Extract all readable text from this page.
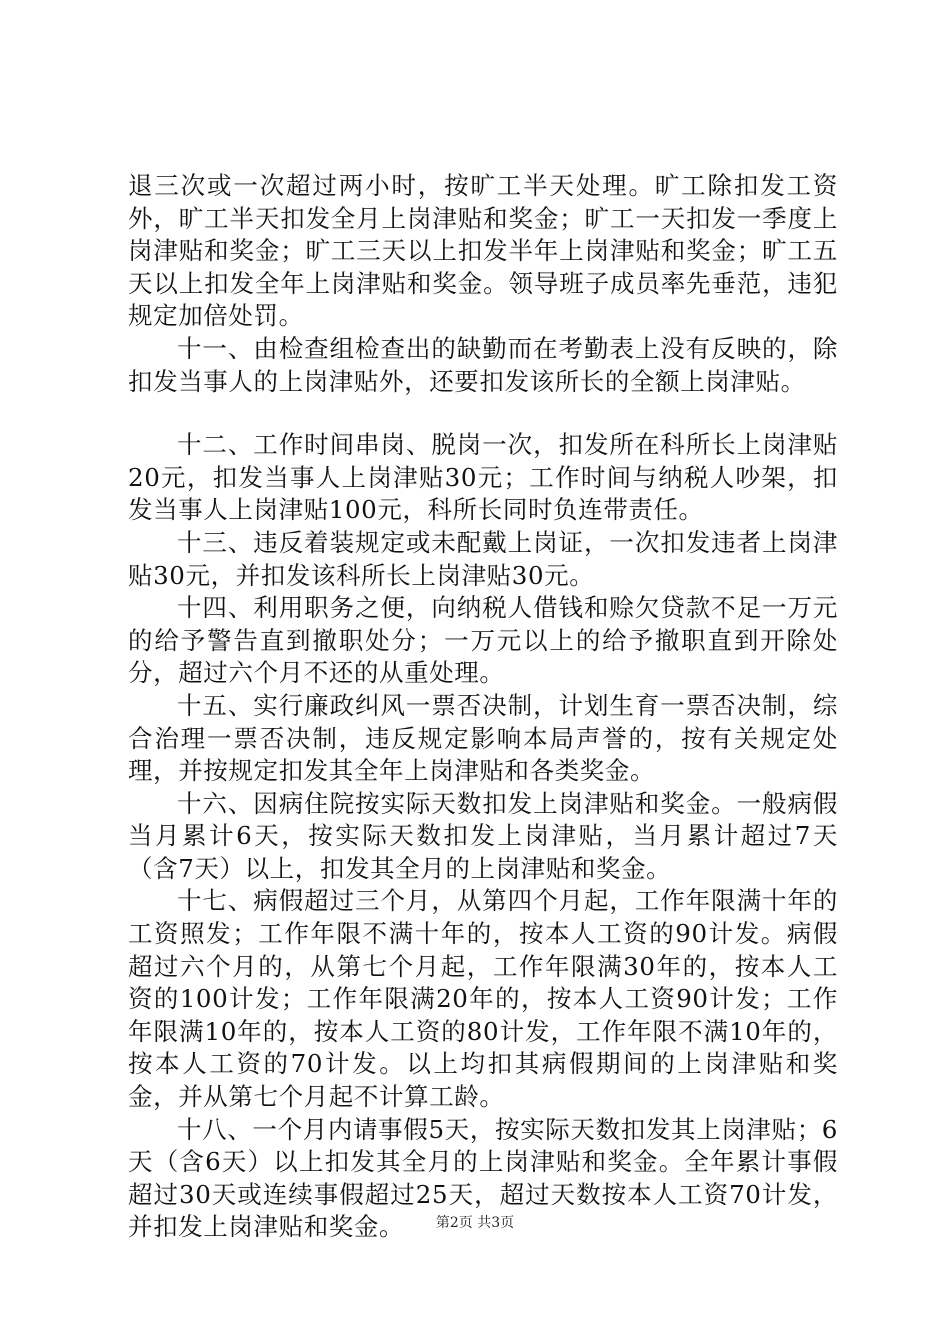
退三次或一次超过两小时，按旷工半天处理。旷工除扣发工资外，旷工半天扣发全月上岗津贴和奖金；旷工一天扣发一季度上岗津贴和奖金；旷工三天以上扣发半年上岗津贴和奖金；旷工五天以上扣发全年上岗津贴和奖金。领导班子成员率先垂范，违犯规定加倍处罚。

十一、由检查组检查出的缺勤而在考勤表上没有反映的，除扣发当事人的上岗津贴外，还要扣发该所长的全额上岗津贴。

十二、工作时间串岗、脱岗一次，扣发所在科所长上岗津贴20元，扣发当事人上岗津贴30元；工作时间与纳税人吵架，扣发当事人上岗津贴100元，科所长同时负连带责任。

十三、违反着装规定或未配戴上岗证，一次扣发违者上岗津贴30元，并扣发该科所长上岗津贴30元。

十四、利用职务之便，向纳税人借钱和赊欠贷款不足一万元的给予警告直到撤职处分；一万元以上的给予撤职直到开除处分，超过六个月不还的从重处理。

十五、实行廉政纠风一票否决制，计划生育一票否决制，综合治理一票否决制，违反规定影响本局声誉的，按有关规定处理，并按规定扣发其全年上岗津贴和各类奖金。

十六、因病住院按实际天数扣发上岗津贴和奖金。一般病假当月累计6天，按实际天数扣发上岗津贴，当月累计超过7天（含7天）以上，扣发其全月的上岗津贴和奖金。

十七、病假超过三个月，从第四个月起，工作年限满十年的工资照发；工作年限不满十年的，按本人工资的90计发。病假超过六个月的，从第七个月起，工作年限满30年的，按本人工资的100计发；工作年限满20年的，按本人工资90计发；工作年限满10年的，按本人工资的80计发，工作年限不满10年的，按本人工资的70计发。以上均扣其病假期间的上岗津贴和奖金，并从第七个月起不计算工龄。

十八、一个月内请事假5天，按实际天数扣发其上岗津贴；6天（含6天）以上扣发其全月的上岗津贴和奖金。全年累计事假超过30天或连续事假超过25天，超过天数按本人工资70计发，并扣发上岗津贴和奖金。	第2页 共3页
